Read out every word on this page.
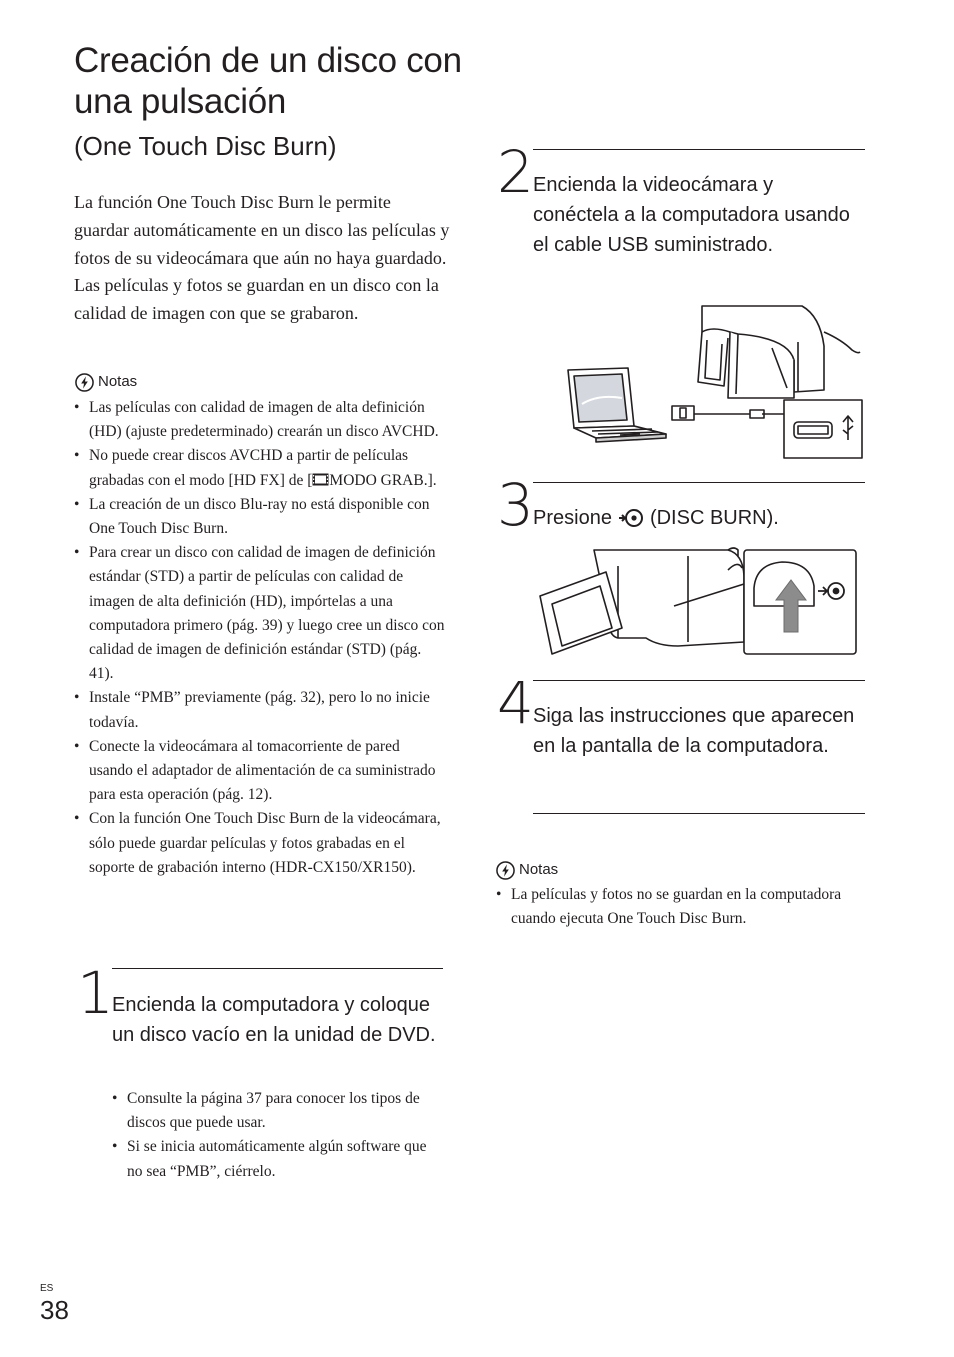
Creación de un disco con una pulsación
(One Touch Disc Burn)

La función One Touch Disc Burn le permite guardar automáticamente en un disco las películas y fotos de su videocámara que aún no haya guardado. Las películas y fotos se guardan en un disco con la calidad de imagen con que se grabaron.

Notas
• Las películas con calidad de imagen de alta definición (HD) (ajuste predeterminado) crearán un disco AVCHD.
• No puede crear discos AVCHD a partir de películas grabadas con el modo [HD FX] de [ MODO GRAB.].
• La creación de un disco Blu-ray no está disponible con One Touch Disc Burn.
• Para crear un disco con calidad de imagen de definición estándar (STD) a partir de películas con calidad de imagen de alta definición (HD), impórtelas a una computadora primero (pág. 39) y luego cree un disco con calidad de imagen de definición estándar (STD) (pág. 41).
• Instale “PMB” previamente (pág. 32), pero lo no inicie todavía.
• Conecte la videocámara al tomacorriente de pared usando el adaptador de alimentación de ca suministrado para esta operación (pág. 12).
• Con la función One Touch Disc Burn de la videocámara, sólo puede guardar películas y fotos grabadas en el soporte de grabación interno (HDR-CX150/XR150).
1
Encienda la computadora y coloque un disco vacío en la unidad de DVD.
• Consulte la página 37 para conocer los tipos de discos que puede usar.
• Si se inicia automáticamente algún software que no sea “PMB”, ciérrelo.
2 Encienda la videocámara y conéctela a la computadora usando el cable USB suministrado.
3 Presione (DISC BURN).
4 Siga las instrucciones que aparecen en la pantalla de la computadora.
Notas
• La películas y fotos no se guardan en la computadora cuando ejecuta One Touch Disc Burn.
ES
38
